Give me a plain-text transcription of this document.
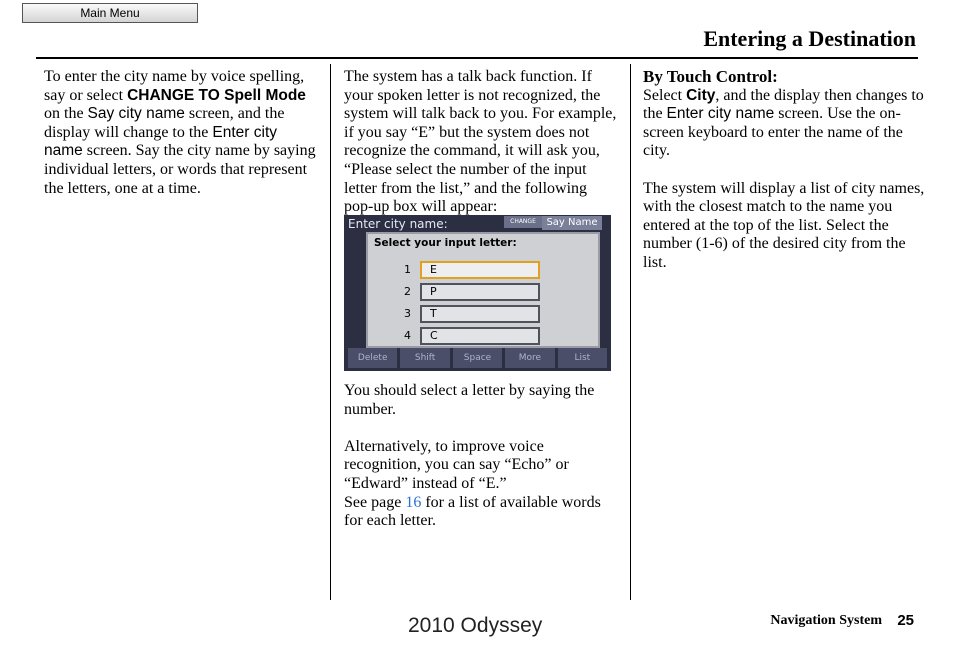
Main Menu
Entering a Destination

To enter the city name by voice spelling, say or select CHANGE TO Spell Mode on the Say city name screen, and the display will change to the Enter city name screen. Say the city name by saying individual letters, or words that represent the letters, one at a time.

The system has a talk back function. If your spoken letter is not recognized, the system will talk back to you. For example, if you say “E” but the system does not recognize the command, it will ask you, “Please select the number of the input letter from the list,” and the following pop-up box will appear:

Enter city name:	CHANGE	Say Name
Delete	Shift	Space	More	List
Select your input letter:
1	E
2	P
3	T
4	C

You should select a letter by saying the number.

Alternatively, to improve voice recognition, you can say “Echo” or “Edward” instead of “E.”
See page 16 for a list of available words for each letter.

By Touch Control:

Select City, and the display then changes to the Enter city name screen. Use the on-screen keyboard to enter the name of the city.

The system will display a list of city names, with the closest match to the name you entered at the top of the list. Select the number (1-6) of the desired city from the list.

Navigation System 25
2010 Odyssey
